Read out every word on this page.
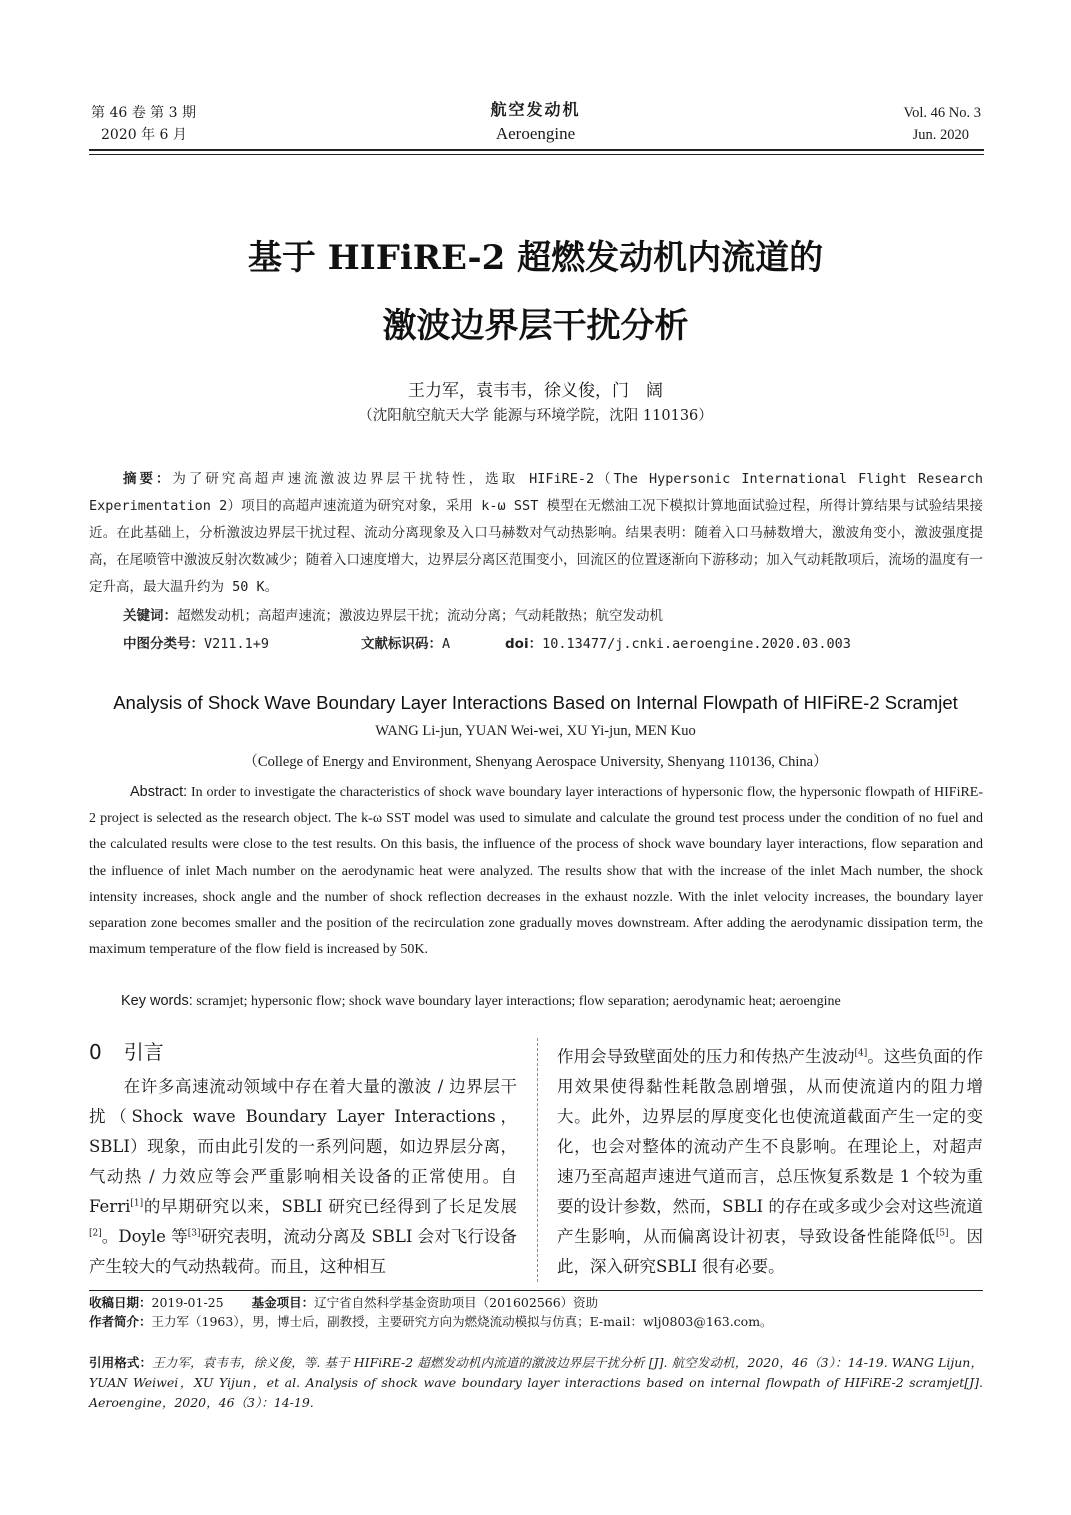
第 46 卷 第 3 期
2020 年 6 月
航空发动机
Aeroengine
Vol. 46 No. 3
Jun. 2020
基于 HIFiRE-2 超燃发动机内流道的
激波边界层干扰分析
王力军，袁韦韦，徐义俊，门　阔
（沈阳航空航天大学 能源与环境学院，沈阳 110136）
摘要：为了研究高超声速流激波边界层干扰特性，选取 HIFiRE-2（The Hypersonic International Flight Research Experimentation 2）项目的高超声速流道为研究对象，采用 k-ω SST 模型在无燃油工况下模拟计算地面试验过程，所得计算结果与试验结果接近。在此基础上，分析激波边界层干扰过程、流动分离现象及入口马赫数对气动热影响。结果表明：随着入口马赫数增大，激波角变小，激波强度提高，在尾喷管中激波反射次数减少；随着入口速度增大，边界层分离区范围变小，回流区的位置逐渐向下游移动；加入气动耗散项后，流场的温度有一定升高，最大温升约为 50 K。
关键词：超燃发动机；高超声速流；激波边界层干扰；流动分离；气动耗散热；航空发动机
中图分类号：V211.1+9	文献标识码：A	doi：10.13477/j.cnki.aeroengine.2020.03.003
Analysis of Shock Wave Boundary Layer Interactions Based on Internal Flowpath of HIFiRE-2 Scramjet
WANG Li-jun, YUAN Wei-wei, XU Yi-jun, MEN Kuo
（College of Energy and Environment, Shenyang Aerospace University, Shenyang 110136, China）
Abstract: In order to investigate the characteristics of shock wave boundary layer interactions of hypersonic flow, the hypersonic flowpath of HIFiRE-2 project is selected as the research object. The k-ω SST model was used to simulate and calculate the ground test process under the condition of no fuel and the calculated results were close to the test results. On this basis, the influence of the process of shock wave boundary layer interactions, flow separation and the influence of inlet Mach number on the aerodynamic heat were analyzed. The results show that with the increase of the inlet Mach number, the shock intensity increases, shock angle and the number of shock reflection decreases in the exhaust nozzle. With the inlet velocity increases, the boundary layer separation zone becomes smaller and the position of the recirculation zone gradually moves downstream. After adding the aerodynamic dissipation term, the maximum temperature of the flow field is increased by 50K.
Key words: scramjet; hypersonic flow; shock wave boundary layer interactions; flow separation; aerodynamic heat; aeroengine
0 引言
在许多高速流动领域中存在着大量的激波 / 边界层干扰（Shock wave Boundary Layer Interactions，SBLI）现象，而由此引发的一系列问题，如边界层分离，气动热 / 力效应等会严重影响相关设备的正常使用。自 Ferri[1]的早期研究以来，SBLI 研究已经得到了长足发展[2]。Doyle 等[3]研究表明，流动分离及 SBLI 会对飞行设备产生较大的气动热载荷。而且，这种相互
作用会导致壁面处的压力和传热产生波动[4]。这些负面的作用效果使得黏性耗散急剧增强，从而使流道内的阻力增大。此外，边界层的厚度变化也使流道截面产生一定的变化，也会对整体的流动产生不良影响。在理论上，对超声速乃至高超声速进气道而言，总压恢复系数是 1 个较为重要的设计参数，然而，SBLI 的存在或多或少会对这些流道产生影响，从而偏离设计初衷，导致设备性能降低[5]。因此，深入研究SBLI 很有必要。
收稿日期：2019-01-25 基金项目：辽宁省自然科学基金资助项目（201602566）资助
作者简介：王力军（1963），男，博士后，副教授，主要研究方向为燃烧流动模拟与仿真；E-mail：wlj0803@163.com。
引用格式：王力军，袁韦韦，徐义俊，等. 基于 HIFiRE-2 超燃发动机内流道的激波边界层干扰分析 [J]. 航空发动机，2020，46（3）：14-19. WANG Lijun，YUAN Weiwei，XU Yijun，et al. Analysis of shock wave boundary layer interactions based on internal flowpath of HIFiRE-2 scramjet[J]. Aeroengine，2020，46（3）：14-19.
